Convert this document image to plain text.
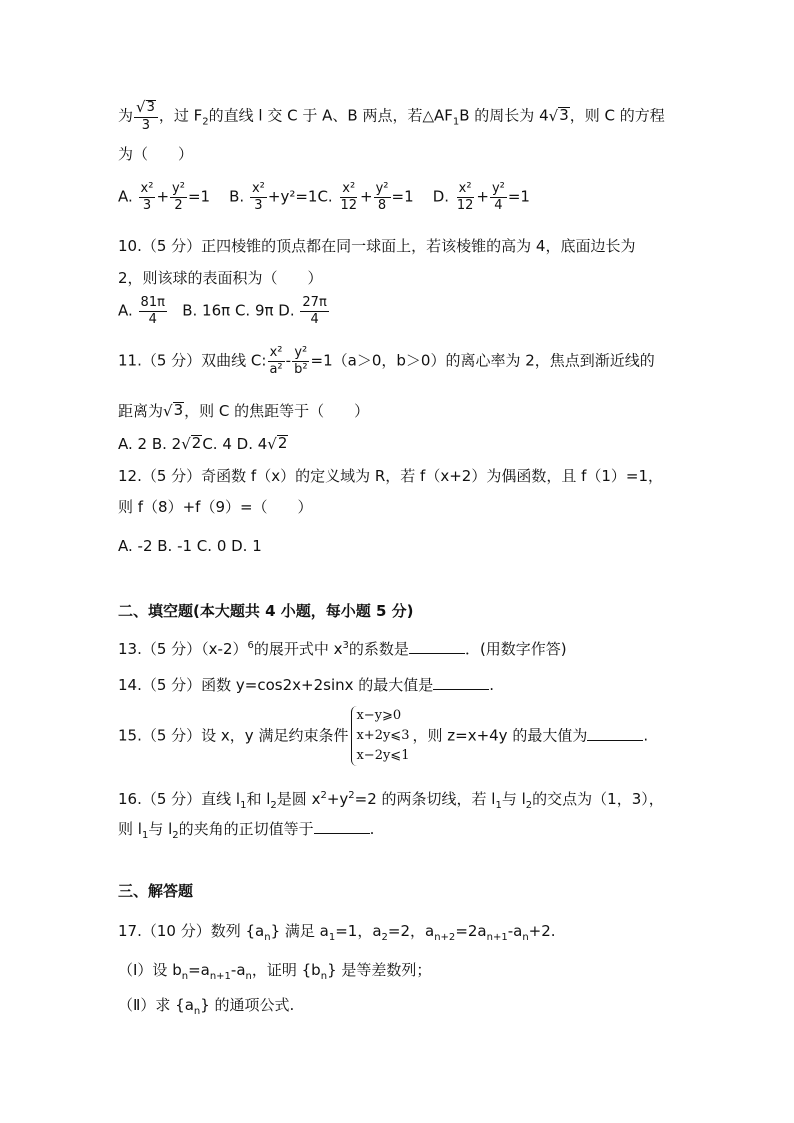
为 $\frac{√ 3}{3}$ ，过 $F_2$的直线 l 交 C 于 A、B 两点，若$\triangle AF_1B$ 的周长为 4 √ 3 ，则 C 的方程
为（　　）
A. $\frac{\text{x²}}{3} + \frac{\text{y²}}{2} =1$ B. $\frac{\text{x²}}{3} +y^2=1C$. $\frac{\text{x²}}{12} + \frac{\text{y²}}{8} =1$ D. $\frac{\text{x²}}{12} + \frac{\text{y²}}{4} =1$
10.（5 分）正四棱锥的顶点都在同一球面上，若该棱锥的高为 4，底面边长为
2，则该球的表面积为（　　）
A. $\frac{81\pi}{4} B$. 16π C. 9π D. $\frac{27\pi}{4}$
11.（5 分）双曲线 C: $\frac{\text{x²}}{\text{a²}} - \frac{\text{y²}}{\text{b²}} =1(a>0$，b＞0）的离心率为 2，焦点到渐近线的
距离为 √ 3 ，则 C 的焦距等于（　　）
A. 2 B. 2 √ 2 C. 4 D. 4 √ 2
12.（5 分）奇函数 f（x）的定义域为 R，若 f（x+2）为偶函数，且 f（1）=1，
则 f（8）+f（9）=（　　）
A. -2 B. -1 C. 0 D. 1
二、填空题(本大题共 4 小题，每小题 5 分)
13.（5 分）$(x-2)^6$的展开式中 $x^3$的系数是	．(用数字作答)
14.（5 分）函数 y=cos2x+2sinx 的最大值是	.
15.（5 分）设 x，y 满足约束条件
x−y⩾0
x+2y⩽3
x−2y⩽1
，则 z=x+4y 的最大值为	.
16.（5 分）直线 $l_1$和 $l_2$是圆 $x^2+y^2=2$ 的两条切线，若 $l_1$与 $l_2$的交点为（1，3），
则 $l_1$与 $l_2$的夹角的正切值等于	.
三、解答题
17.（10 分）数列 $\{a_n\}$ 满足 $a_1=1$，$a_2=2$，$a_{n+2}=2a_{n+1}-a_n+2$.
（Ⅰ）设 $b_n=a_{n+1}-a_n$，证明 $\{b_n\}$ 是等差数列；
（Ⅱ）求 $\{a_n\}$ 的通项公式.
